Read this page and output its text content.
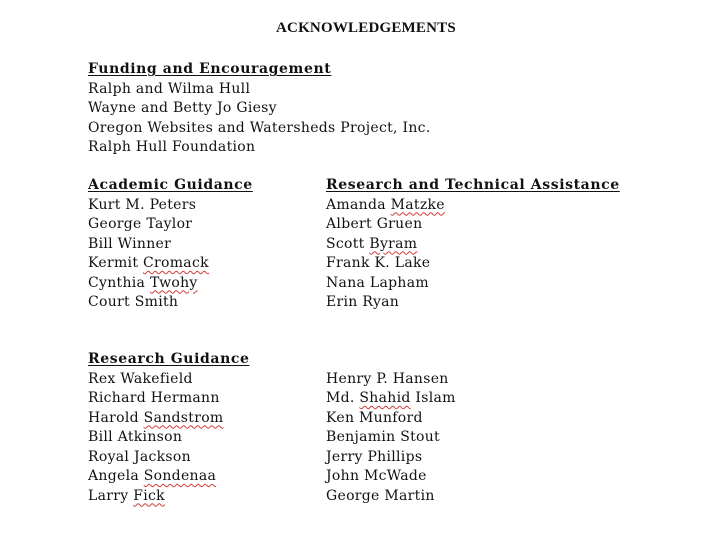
ACKNOWLEDGEMENTS
Funding and Encouragement
Ralph and Wilma Hull
Wayne and Betty Jo Giesy
Oregon Websites and Watersheds Project, Inc.
Ralph Hull Foundation
Academic Guidance
Kurt M. Peters
George Taylor
Bill Winner
Kermit Cromack
Cynthia Twohy
Court Smith
Research and Technical Assistance
Amanda Matzke
Albert Gruen
Scott Byram
Frank K. Lake
Nana Lapham
Erin Ryan
Research Guidance
Rex Wakefield
Richard Hermann
Harold Sandstrom
Bill Atkinson
Royal Jackson
Angela Sondenaa
Larry Fick
Henry P. Hansen
Md. Shahid Islam
Ken Munford
Benjamin Stout
Jerry Phillips
John McWade
George Martin
